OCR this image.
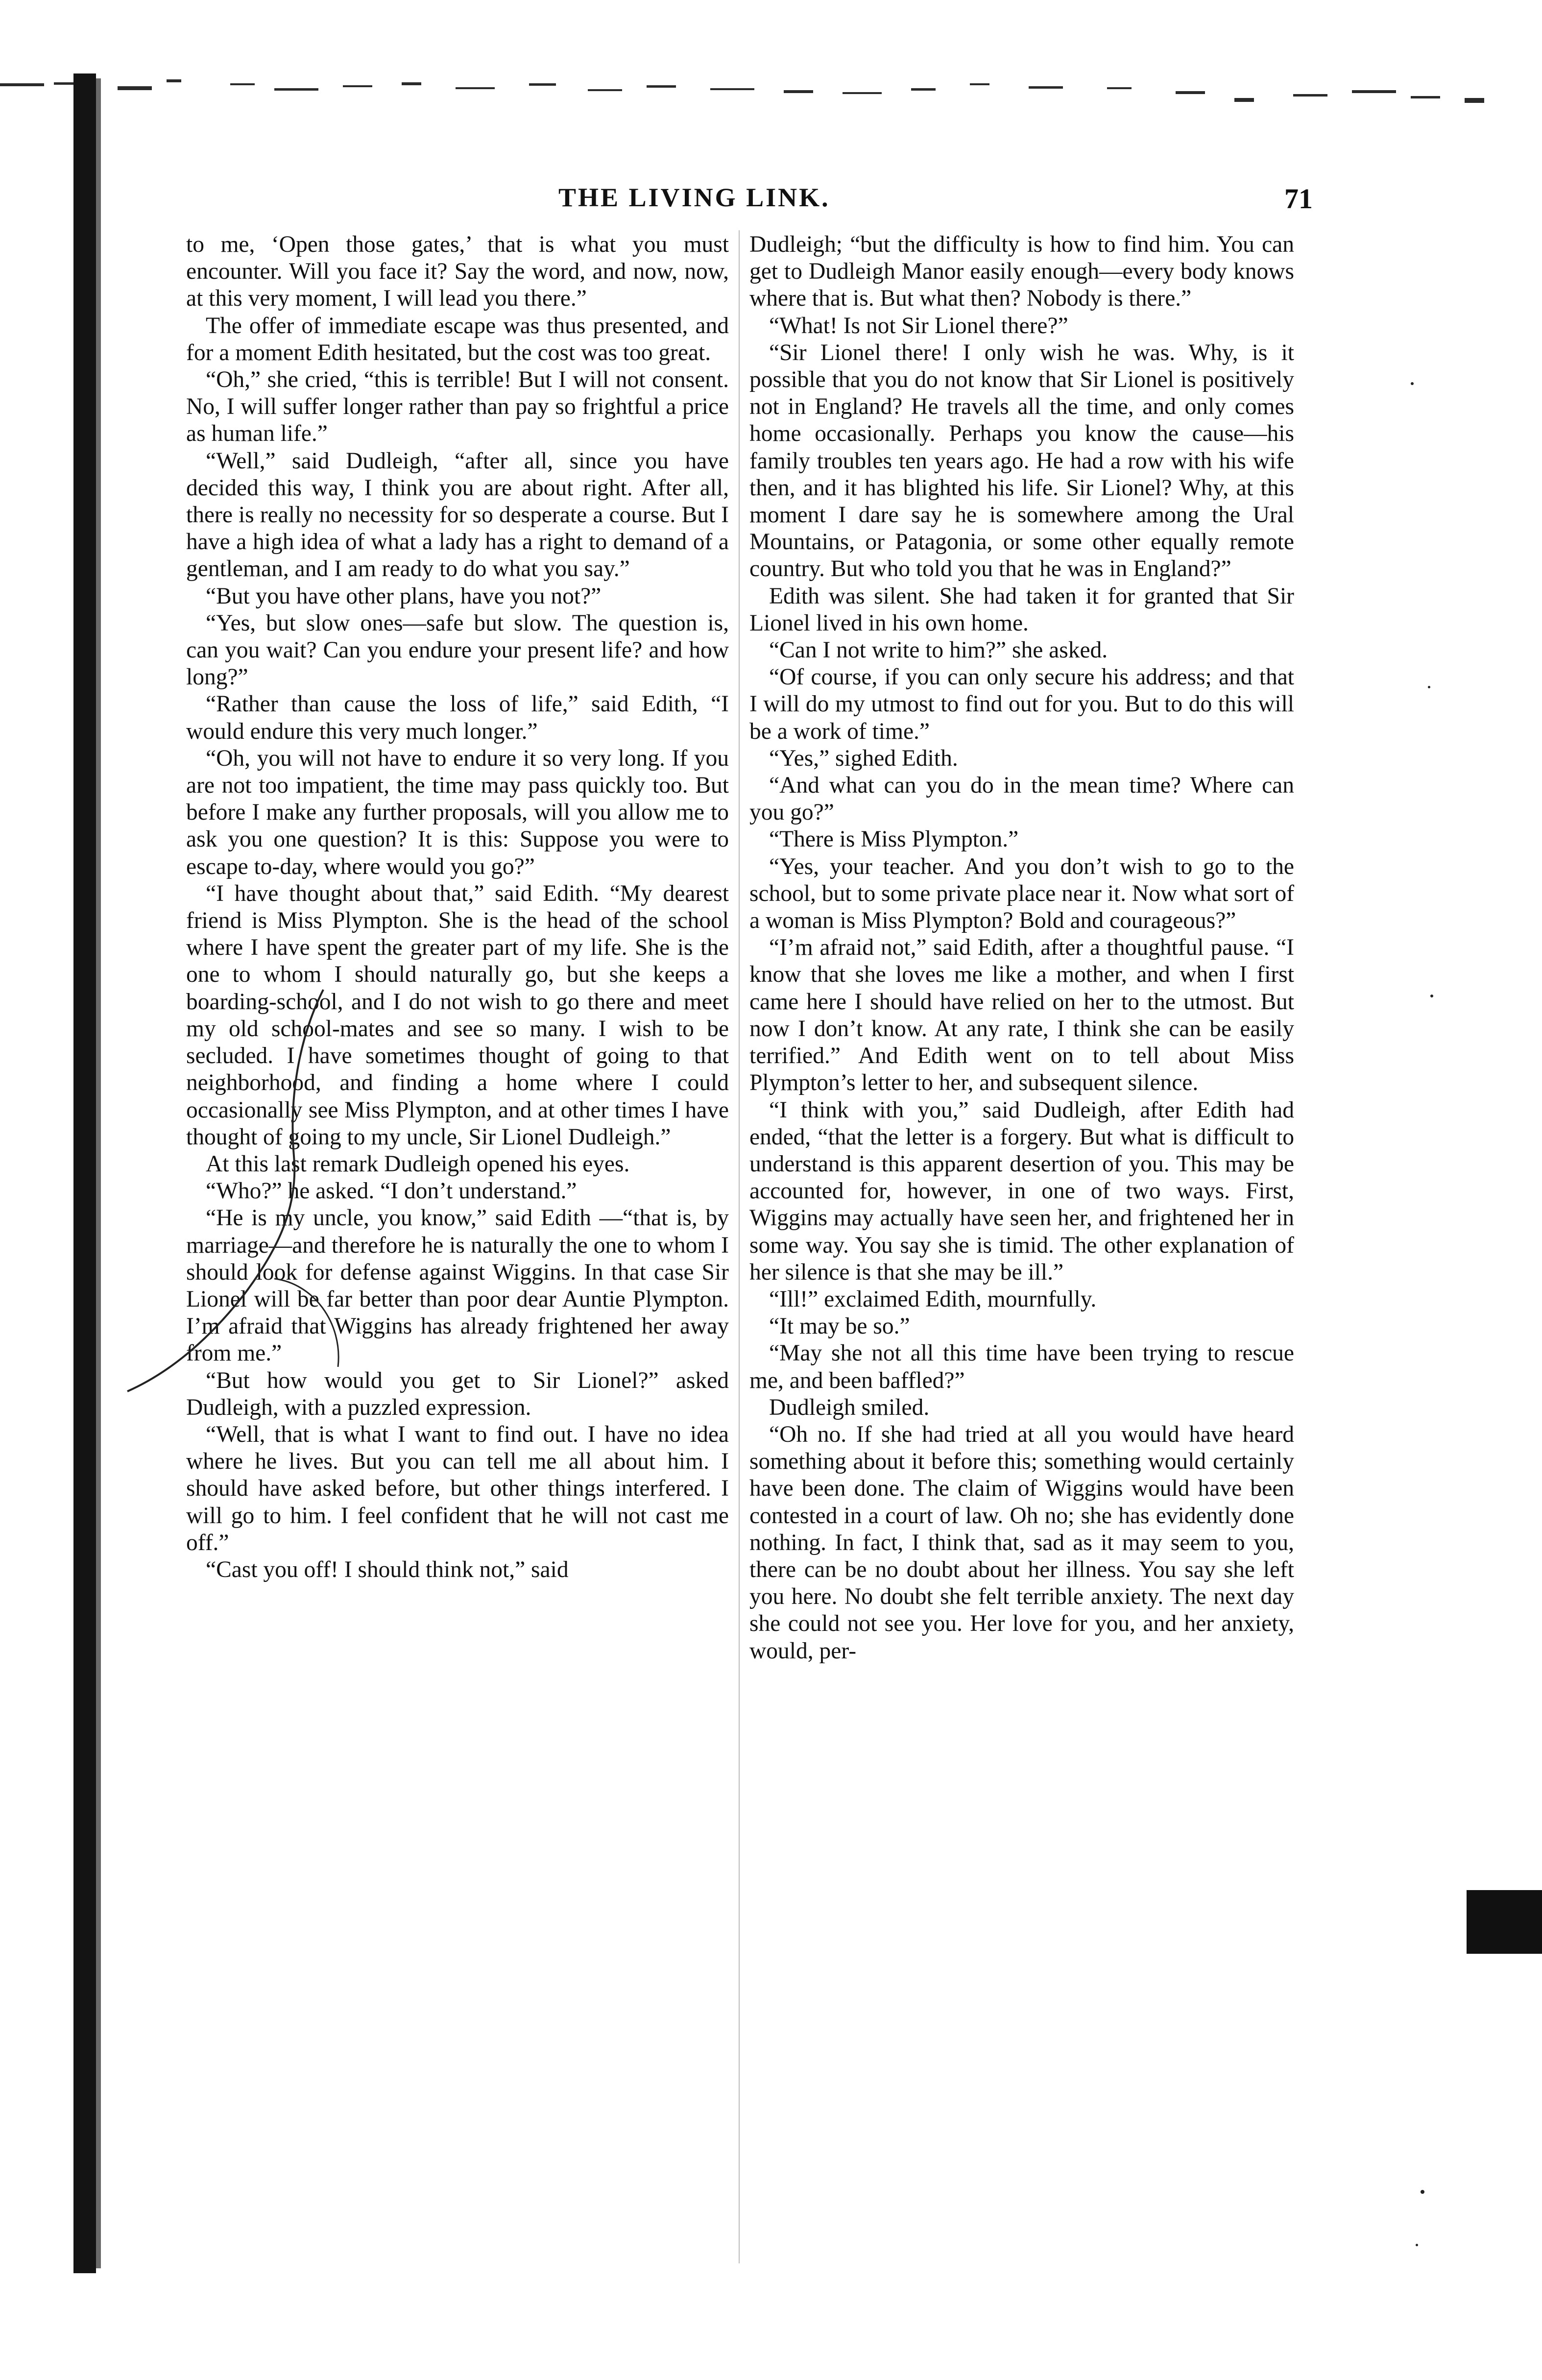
THE LIVING LINK.	71

to me, ‘Open those gates,’ that is what you must encounter. Will you face it? Say the word, and now, now, at this very moment, I will lead you there.”

The offer of immediate escape was thus presented, and for a moment Edith hesitated, but the cost was too great.

“Oh,” she cried, “this is terrible! But I will not consent. No, I will suffer longer rather than pay so frightful a price as human life.”

“Well,” said Dudleigh, “after all, since you have decided this way, I think you are about right. After all, there is really no necessity for so desperate a course. But I have a high idea of what a lady has a right to demand of a gentleman, and I am ready to do what you say.”

“But you have other plans, have you not?”

“Yes, but slow ones—safe but slow. The question is, can you wait? Can you endure your present life? and how long?”

“Rather than cause the loss of life,” said Edith, “I would endure this very much longer.”

“Oh, you will not have to endure it so very long. If you are not too impatient, the time may pass quickly too. But before I make any further proposals, will you allow me to ask you one question? It is this: Suppose you were to escape to-day, where would you go?”

“I have thought about that,” said Edith. “My dearest friend is Miss Plympton. She is the head of the school where I have spent the greater part of my life. She is the one to whom I should naturally go, but she keeps a boarding-school, and I do not wish to go there and meet my old school-mates and see so many. I wish to be secluded. I have sometimes thought of going to that neighborhood, and finding a home where I could occasionally see Miss Plympton, and at other times I have thought of going to my uncle, Sir Lionel Dudleigh.”

At this last remark Dudleigh opened his eyes.

“Who?” he asked. “I don’t understand.”

“He is my uncle, you know,” said Edith —“that is, by marriage—and therefore he is naturally the one to whom I should look for defense against Wiggins. In that case Sir Lionel will be far better than poor dear Auntie Plympton. I’m afraid that Wiggins has already frightened her away from me.”

“But how would you get to Sir Lionel?” asked Dudleigh, with a puzzled expression.

“Well, that is what I want to find out. I have no idea where he lives. But you can tell me all about him. I should have asked before, but other things interfered. I will go to him. I feel confident that he will not cast me off.”

“Cast you off! I should think not,” said

Dudleigh; “but the difficulty is how to find him. You can get to Dudleigh Manor easily enough—every body knows where that is. But what then? Nobody is there.”

“What! Is not Sir Lionel there?”

“Sir Lionel there! I only wish he was. Why, is it possible that you do not know that Sir Lionel is positively not in England? He travels all the time, and only comes home occasionally. Perhaps you know the cause—his family troubles ten years ago. He had a row with his wife then, and it has blighted his life. Sir Lionel? Why, at this moment I dare say he is somewhere among the Ural Mountains, or Patagonia, or some other equally remote country. But who told you that he was in England?”

Edith was silent. She had taken it for granted that Sir Lionel lived in his own home.

“Can I not write to him?” she asked.

“Of course, if you can only secure his address; and that I will do my utmost to find out for you. But to do this will be a work of time.”

“Yes,” sighed Edith.

“And what can you do in the mean time? Where can you go?”

“There is Miss Plympton.”

“Yes, your teacher. And you don’t wish to go to the school, but to some private place near it. Now what sort of a woman is Miss Plympton? Bold and courageous?”

“I’m afraid not,” said Edith, after a thoughtful pause. “I know that she loves me like a mother, and when I first came here I should have relied on her to the utmost. But now I don’t know. At any rate, I think she can be easily terrified.” And Edith went on to tell about Miss Plympton’s letter to her, and subsequent silence.

“I think with you,” said Dudleigh, after Edith had ended, “that the letter is a forgery. But what is difficult to understand is this apparent desertion of you. This may be accounted for, however, in one of two ways. First, Wiggins may actually have seen her, and frightened her in some way. You say she is timid. The other explanation of her silence is that she may be ill.”

“Ill!” exclaimed Edith, mournfully.

“It may be so.”

“May she not all this time have been trying to rescue me, and been baffled?”

Dudleigh smiled.

“Oh no. If she had tried at all you would have heard something about it before this; something would certainly have been done. The claim of Wiggins would have been contested in a court of law. Oh no; she has evidently done nothing. In fact, I think that, sad as it may seem to you, there can be no doubt about her illness. You say she left you here. No doubt she felt terrible anxiety. The next day she could not see you. Her love for you, and her anxiety, would, per-
